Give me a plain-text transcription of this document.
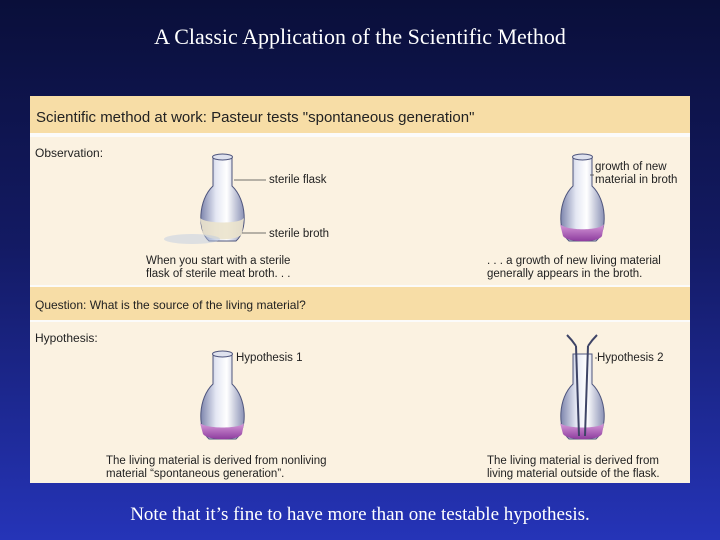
A Classic Application of the Scientific Method
Scientific method at work: Pasteur tests "spontaneous generation"
Observation:
sterile flask
sterile broth
growth of new
material in broth
When you start with a sterile
flask of sterile meat broth. . .
. . . a growth of new living material
generally appears in the broth.
Question: What is the source of the living material?
Hypothesis:
Hypothesis 1	Hypothesis 2
The living material is derived from nonliving
material “spontaneous generation”.
The living material is derived from
living material outside of the flask.
Note that it’s fine to have more than one testable hypothesis.
